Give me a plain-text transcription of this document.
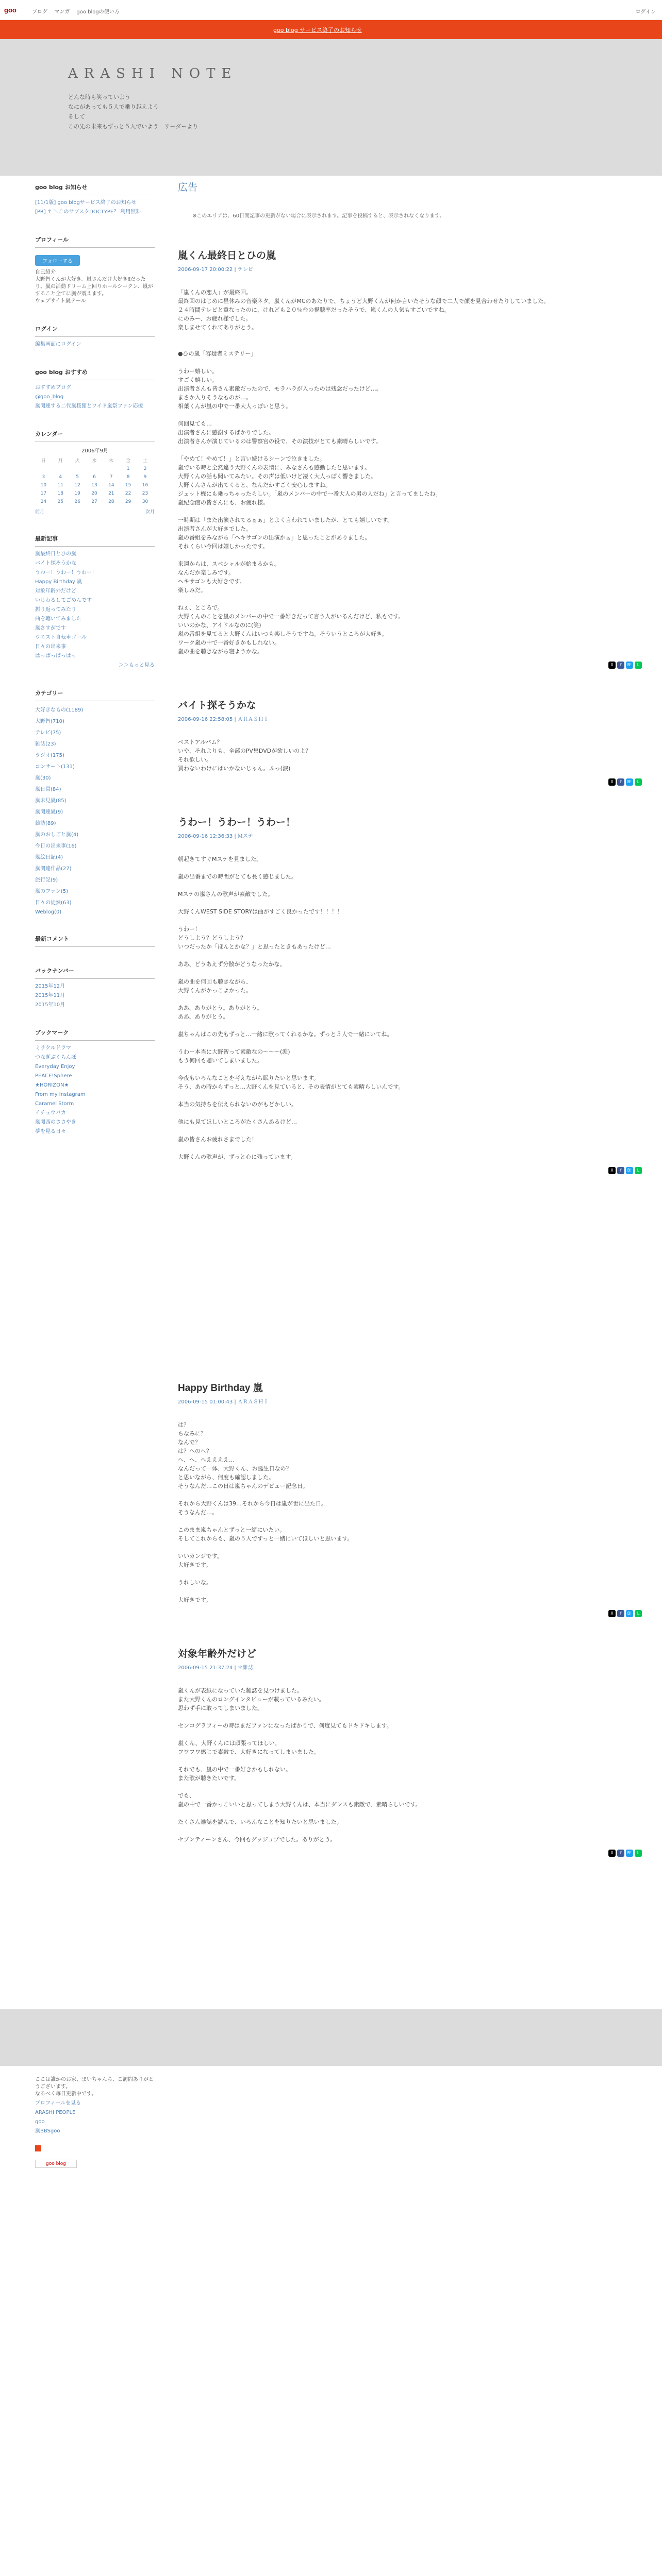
goo	ブログ マンガ goo blogの使い方	ログイン
goo blog サービス終了のお知らせ
ARASHI NOTE
どんな時も笑っていよう
なにがあっても５人で乗り越えよう
そして
この先の未来もずっと５人でいよう　リーダーより
goo blog お知らせ
[11/1版] goo blogサービス終了のお知らせ
[PR] ↑ ＼このサブスクDOCTYPE？ 利用無料
プロフィール
フォローする
自己紹介
大野智くんが大好き。嵐さんだけ大好き‼だったり、嵐の活動ドリーム上回りホールシークン、嵐がすること全てに胸が震えます。
ウェブサイト嵐テール
ログイン
編集画面にログイン
goo blog おすすめ
おすすめブログ
@goo_blog
嵐関連する二代嵐桜館とワイド嵐祭ファン応援
カレンダー
2006年9月
日	月	火	水	木	金	土
					1	2
3	4	5	6	7	8	9
10	11	12	13	14	15	16
17	18	19	20	21	22	23
24	25	26	27	28	29	30
前月	次月
最新記事
嵐最終日とひの嵐
バイト探そうかな
うわー！うわー！うわー！
Happy Birthday 嵐
対象年齢外だけど
いじわるしてごめんです
振り返ってみたり
曲を聴いてみました
嵐さすがです
ウエスト自転車ゴール
日々の出来事
はっぱっぱっぱっ
＞＞もっと見る
カテゴリー
大好きなもの(1189)
大野智(710)
テレビ(75)
雑誌(23)
ラジオ(175)
コンサート(131)
嵐(30)
嵐日常(84)
嵐未見嵐(85)
嵐関連嵐(9)
雑誌(89)
嵐のおしごと嵐(4)
今日の出来事(16)
嵐絵日記(4)
嵐関連作品(27)
旅行記(9)
嵐のファン(5)
日々の徒然(63)
Weblog(0)
最新コメント
バックナンバー
2015年12月
2015年11月
2015年10月
ブックマーク
ミラクルドラマ
つなぎぶくらんぼ
Everyday Enjoy
PEACE!Sphere
★HORIZON★
From my Instagram
Caramel Storm
イチョウバカ
嵐関西のささやき
夢を見る日々
広告
※このエリアは、60日間記事の更新がない場合に表示されます。記事を投稿すると、表示されなくなります。
嵐くん最終日とひの嵐
2006-09-17 20:00:22 | テレビ
「嵐くんの恋人」が最終回。
最終回のはじめに昼休みの音楽ネタ。嵐くんがMCのあたりで、ちょうど大野くんが何か言いたそうな顔で二人で顔を見合わせたりしていました。
２４時間テレビと重なったのに、けれども２０％台の視聴率だったそうで、嵐くんの人気もすごいですね。
にのみー、お疲れ様でした。
楽しませてくれてありがとう。

●ひの嵐「容疑者ミステリー」

うわー嬉しい。
すごく嬉しい。
出演者さんも皆さん素敵だったので、モラハラが入ったのは残念だったけど…。
まさか入りそうなものが…。
相葉くんが嵐の中で一番大人っぽいと思う。

何回見ても…
出演者さんに感謝するばかりでした。
出演者さんが演じているのは警察官の役で、その演技がとても素晴らしいです。

「やめて！やめて！」と言い続けるシーンで泣きました。
嵐でいる時と全然違う大野くんの表情に、みなさんも感動したと思います。
大野くんの話も聞いてみたい。その声は低いけど凄く大人っぽく響きました。
大野くんさんが出てくると、なんだかすごく安心しますね。
ジェット機にも乗っちゃったらしい。「嵐のメンバーの中で一番大人の男の人だね」と言ってましたね。
嵐紀念館の皆さんにも、お疲れ様。

一時期は「また出演されてるぁぁ」とよく言われていましたが、とても嬉しいです。
出演者さんが大好きでした。
嵐の番組をみながら「ヘキサゴンの出演かぁ」と思ったことがありました。
それくらい今回は嬉しかったです。

来週からは、スペシャルが始まるかも。
なんだか楽しみです。
ヘキサゴンも大好きです。
楽しみだ。

ねぇ、ところで。
大野くんのことを嵐のメンバーの中で一番好きだって言う人がいるんだけど、私もです。
いいのかな、アイドルなのに(笑)
嵐の番組を見てると大野くんはいつも楽しそうですね。そういうところが大好き。
ワーク嵐の中で一番好きかもしれない。
嵐の曲を聴きながら寝ようかな。
X f B! L
バイト探そうかな
2006-09-16 22:58:05 | ＡＲＡＳＨＩ
ベストアルバム？
いや、それよりも、全部のPV集DVDが欲しいのよ？
それ欲しい。
買わないわけにはいかないじゃん。ふっ(涙)
X f B! L
うわー！うわー！うわー！
2006-09-16 12:36:33 | Ｍステ
朝起きてすぐMステを見ました。

嵐の出番までの時間がとても長く感じました。

Mステの嵐さんの歌声が素敵でした。

大野くんWEST SIDE STORYは曲がすごく良かったです！！！！

うわー！
どうしよう？どうしよう？
いつだったか「ほんとかな？」と思ったときもあったけど…

ああ、どうあえず分散がどうなったかな。

嵐の曲を何回も聴きながら、
大野くんがかっこよかった。

ああ、ありがとう。ありがとう。
ああ、ありがとう。

嵐ちゃんはこの先もずっと…一緒に歌ってくれるかな。ずっと５人で一緒にいてね。

うわー本当に大野智って素敵なの〜〜〜(涙)
もう何回も聴いてしまいました。

今夜もいろんなことを考えながら眠りたいと思います。
そう、あの時からずっと…大野くんを見ていると、その表情がとても素晴らしいんです。

本当の気持ちを伝えられないのがもどかしい。

他にも見てほしいところがたくさんあるけど…

嵐の皆さんお疲れさまでした！

大野くんの歌声が、ずっと心に残っています。
X f B! L
Happy Birthday 嵐
2006-09-15 01:00:43 | ＡＲＡＳＨＩ
は？
ちなみに？
なんで？
は？へのへ？
へ、へ、へええええ…
なんだって一体、大野くん、お誕生日なの？
と思いながら、何度も確認しました。
そうなんだ…この日は嵐ちゃんのデビュー記念日。

それから大野くんは39…それから今日は嵐が世に出た日。
そうなんだ…。

このまま嵐ちゃんとずっと一緒にいたい。
そしてこれからも、嵐の５人でずっと一緒にいてほしいと思います。

いいカンジです。
大好きです。

うれしいな。

大好きです。
X f B! L
対象年齢外だけど
2006-09-15 21:37:24 | ＊雑誌
嵐くんが表紙になっていた雑誌を見つけました。
また大野くんのロングインタビューが載っているみたい。
思わず手に取ってしまいました。

センコグラフィーの時はまだファンになったばかりで、何度見てもドキドキします。

嵐くん、大野くんには頑張ってほしい。
フワフワ感じで素敵で、大好きになってしまいました。

それでも、嵐の中で一番好きかもしれない。
また歌が聴きたいです。

でも、
嵐の中で一番かっこいいと思ってしまう大野くんは、本当にダンスも素敵で、素晴らしいです。

たくさん雑誌を読んで、いろんなことを知りたいと思いました。

セブンティーンさん、今回もグッジョブでした。ありがとう。
X f B! L
ここは誰かのお家、まいちゃんち、ご訪問ありがとうございます。
なるべく毎日更新中です。
プロフィールを見る
ARASHI PEOPLE
goo
嵐BBSgoo
goo blog
